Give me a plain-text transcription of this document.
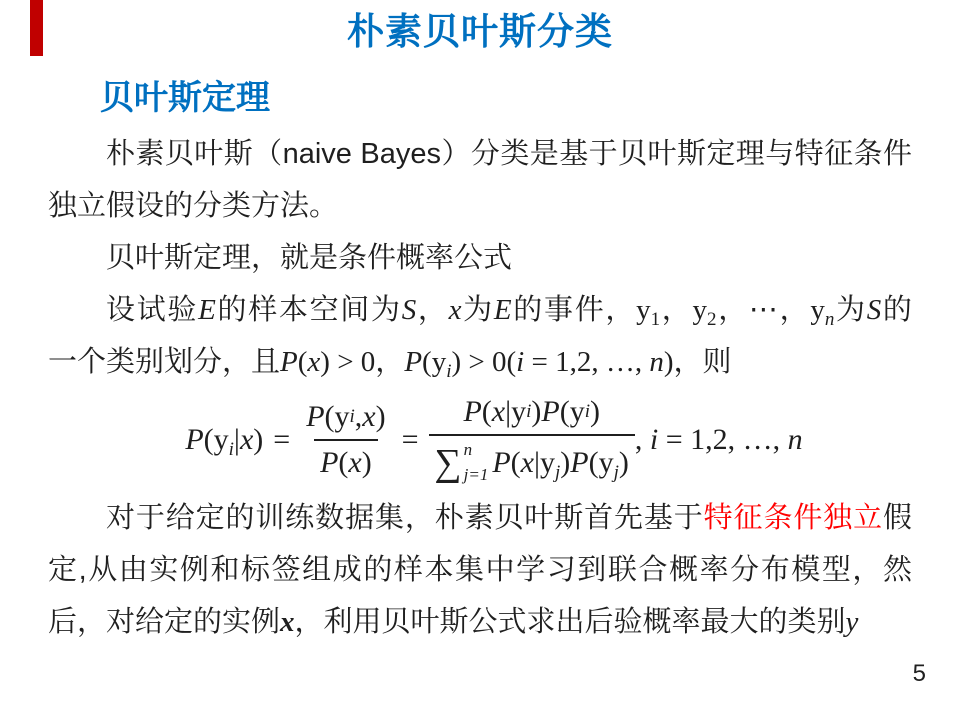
朴素贝叶斯分类
贝叶斯定理
朴素贝叶斯（naive Bayes）分类是基于贝叶斯定理与特征条件
独立假设的分类方法。
贝叶斯定理，就是条件概率公式
设试验E的样本空间为S，x为E的事件，$y_1$，$y_2$，⋯，$y_n$为S的
一个类别划分，且P(x) > 0，$P(y_i) > 0(i = 1,2$, …, n)，则
$P(y_i|x) = \frac{\text{P (y i , x )}}{P ( x )}$ =
P ( x |y i ) P (y i )
∑ n
j=1 $P(x|y_j)P(y_j)$
, i = 1,2, …, n
对于给定的训练数据集，朴素贝叶斯首先基于特征条件独立假
定,从由实例和标签组成的样本集中学习到联合概率分布模型，然
后，对给定的实例x，利用贝叶斯公式求出后验概率最大的类别y
5
